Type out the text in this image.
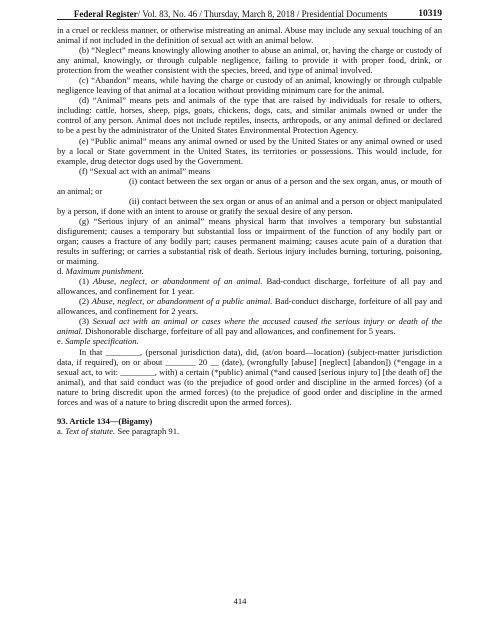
Federal Register/ Vol. 83, No. 46 / Thursday, March 8, 2018 / Presidential Documents	10319

in a cruel or reckless manner, or otherwise mistreating an animal. Abuse may include any sexual touching of an animal if not included in the definition of sexual act with an animal below.

(b) “Neglect” means knowingly allowing another to abuse an animal, or, having the charge or custody of any animal, knowingly, or through culpable negligence, failing to provide it with proper food, drink, or protection from the weather consistent with the species, breed, and type of animal involved.

(c) “Abandon” means, while having the charge or custody of an animal, knowingly or through culpable negligence leaving of that animal at a location without providing minimum care for the animal.

(d) “Animal” means pets and animals of the type that are raised by individuals for resale to others, including: cattle, horses, sheep, pigs, goats, chickens, dogs, cats, and similar animals owned or under the control of any person. Animal does not include reptiles, insects, arthropods, or any animal defined or declared to be a pest by the administrator of the United States Environmental Protection Agency.

(e) “Public animal” means any animal owned or used by the United States or any animal owned or used by a local or State government in the United States, its territories or possessions. This would include, for example, drug detector dogs used by the Government.

(f) “Sexual act with an animal” means

(i) contact between the sex organ or anus of a person and the sex organ, anus, or mouth of an animal; or

(ii) contact between the sex organ or anus of an animal and a person or object manipulated by a person, if done with an intent to arouse or gratify the sexual desire of any person.

(g) “Serious injury of an animal” means physical harm that involves a temporary but substantial disfigurement; causes a temporary but substantial loss or impairment of the function of any bodily part or organ; causes a fracture of any bodily part; causes permanent maiming; causes acute pain of a duration that results in suffering; or carries a substantial risk of death. Serious injury includes burning, torturing, poisoning, or maiming.

d. Maximum punishment.

(1) Abuse, neglect, or abandonment of an animal. Bad-conduct discharge, forfeiture of all pay and allowances, and confinement for 1 year.

(2) Abuse, neglect, or abandonment of a public animal. Bad-conduct discharge, forfeiture of all pay and allowances, and confinement for 2 years.

(3) Sexual act with an animal or cases where the accused caused the serious injury or death of the animal. Dishonorable discharge, forfeiture of all pay and allowances, and confinement for 5 years.

e. Sample specification.

In that ________, (personal jurisdiction data), did, (at/on board—location) (subject-matter jurisdiction data, if required), on or about _______ 20 __ (date), (wrongfully [abuse] [neglect] [abandon]) (*engage in a sexual act, to wit: ________, with) a certain (*public) animal (*and caused [serious injury to] [the death of] the animal), and that said conduct was (to the prejudice of good order and discipline in the armed forces) (of a nature to bring discredit upon the armed forces) (to the prejudice of good order and discipline in the armed forces and was of a nature to bring discredit upon the armed forces).

93. Article 134—(Bigamy)

a. Text of statute. See paragraph 91.

414
